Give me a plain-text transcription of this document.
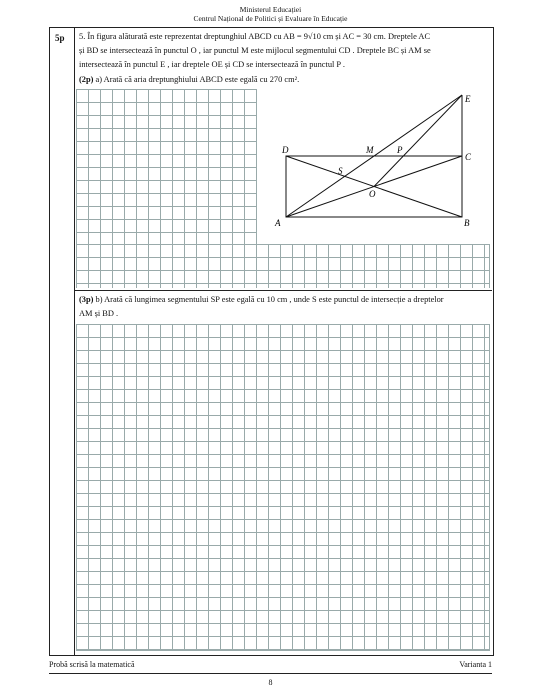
Ministerul Educației
Centrul Național de Politici și Evaluare în Educație
5p 5. În figura alăturată este reprezentat dreptunghiul ABCD cu AB = 9√10 cm și AC = 30 cm. Dreptele AC
și BD se intersectează în punctul O , iar punctul M este mijlocul segmentului CD . Dreptele BC și AM se
intersectează în punctul E , iar dreptele OE și CD se intersectează în punctul P .
(2p) a) Arată că aria dreptunghiului ABCD este egală cu 270 cm².
A	B
C
D
E
M	P
S
O
(3p) b) Arată că lungimea segmentului SP este egală cu 10 cm , unde S este punctul de intersecție a dreptelor
AM și BD .
Probă scrisă la matematică	Varianta 1
8
